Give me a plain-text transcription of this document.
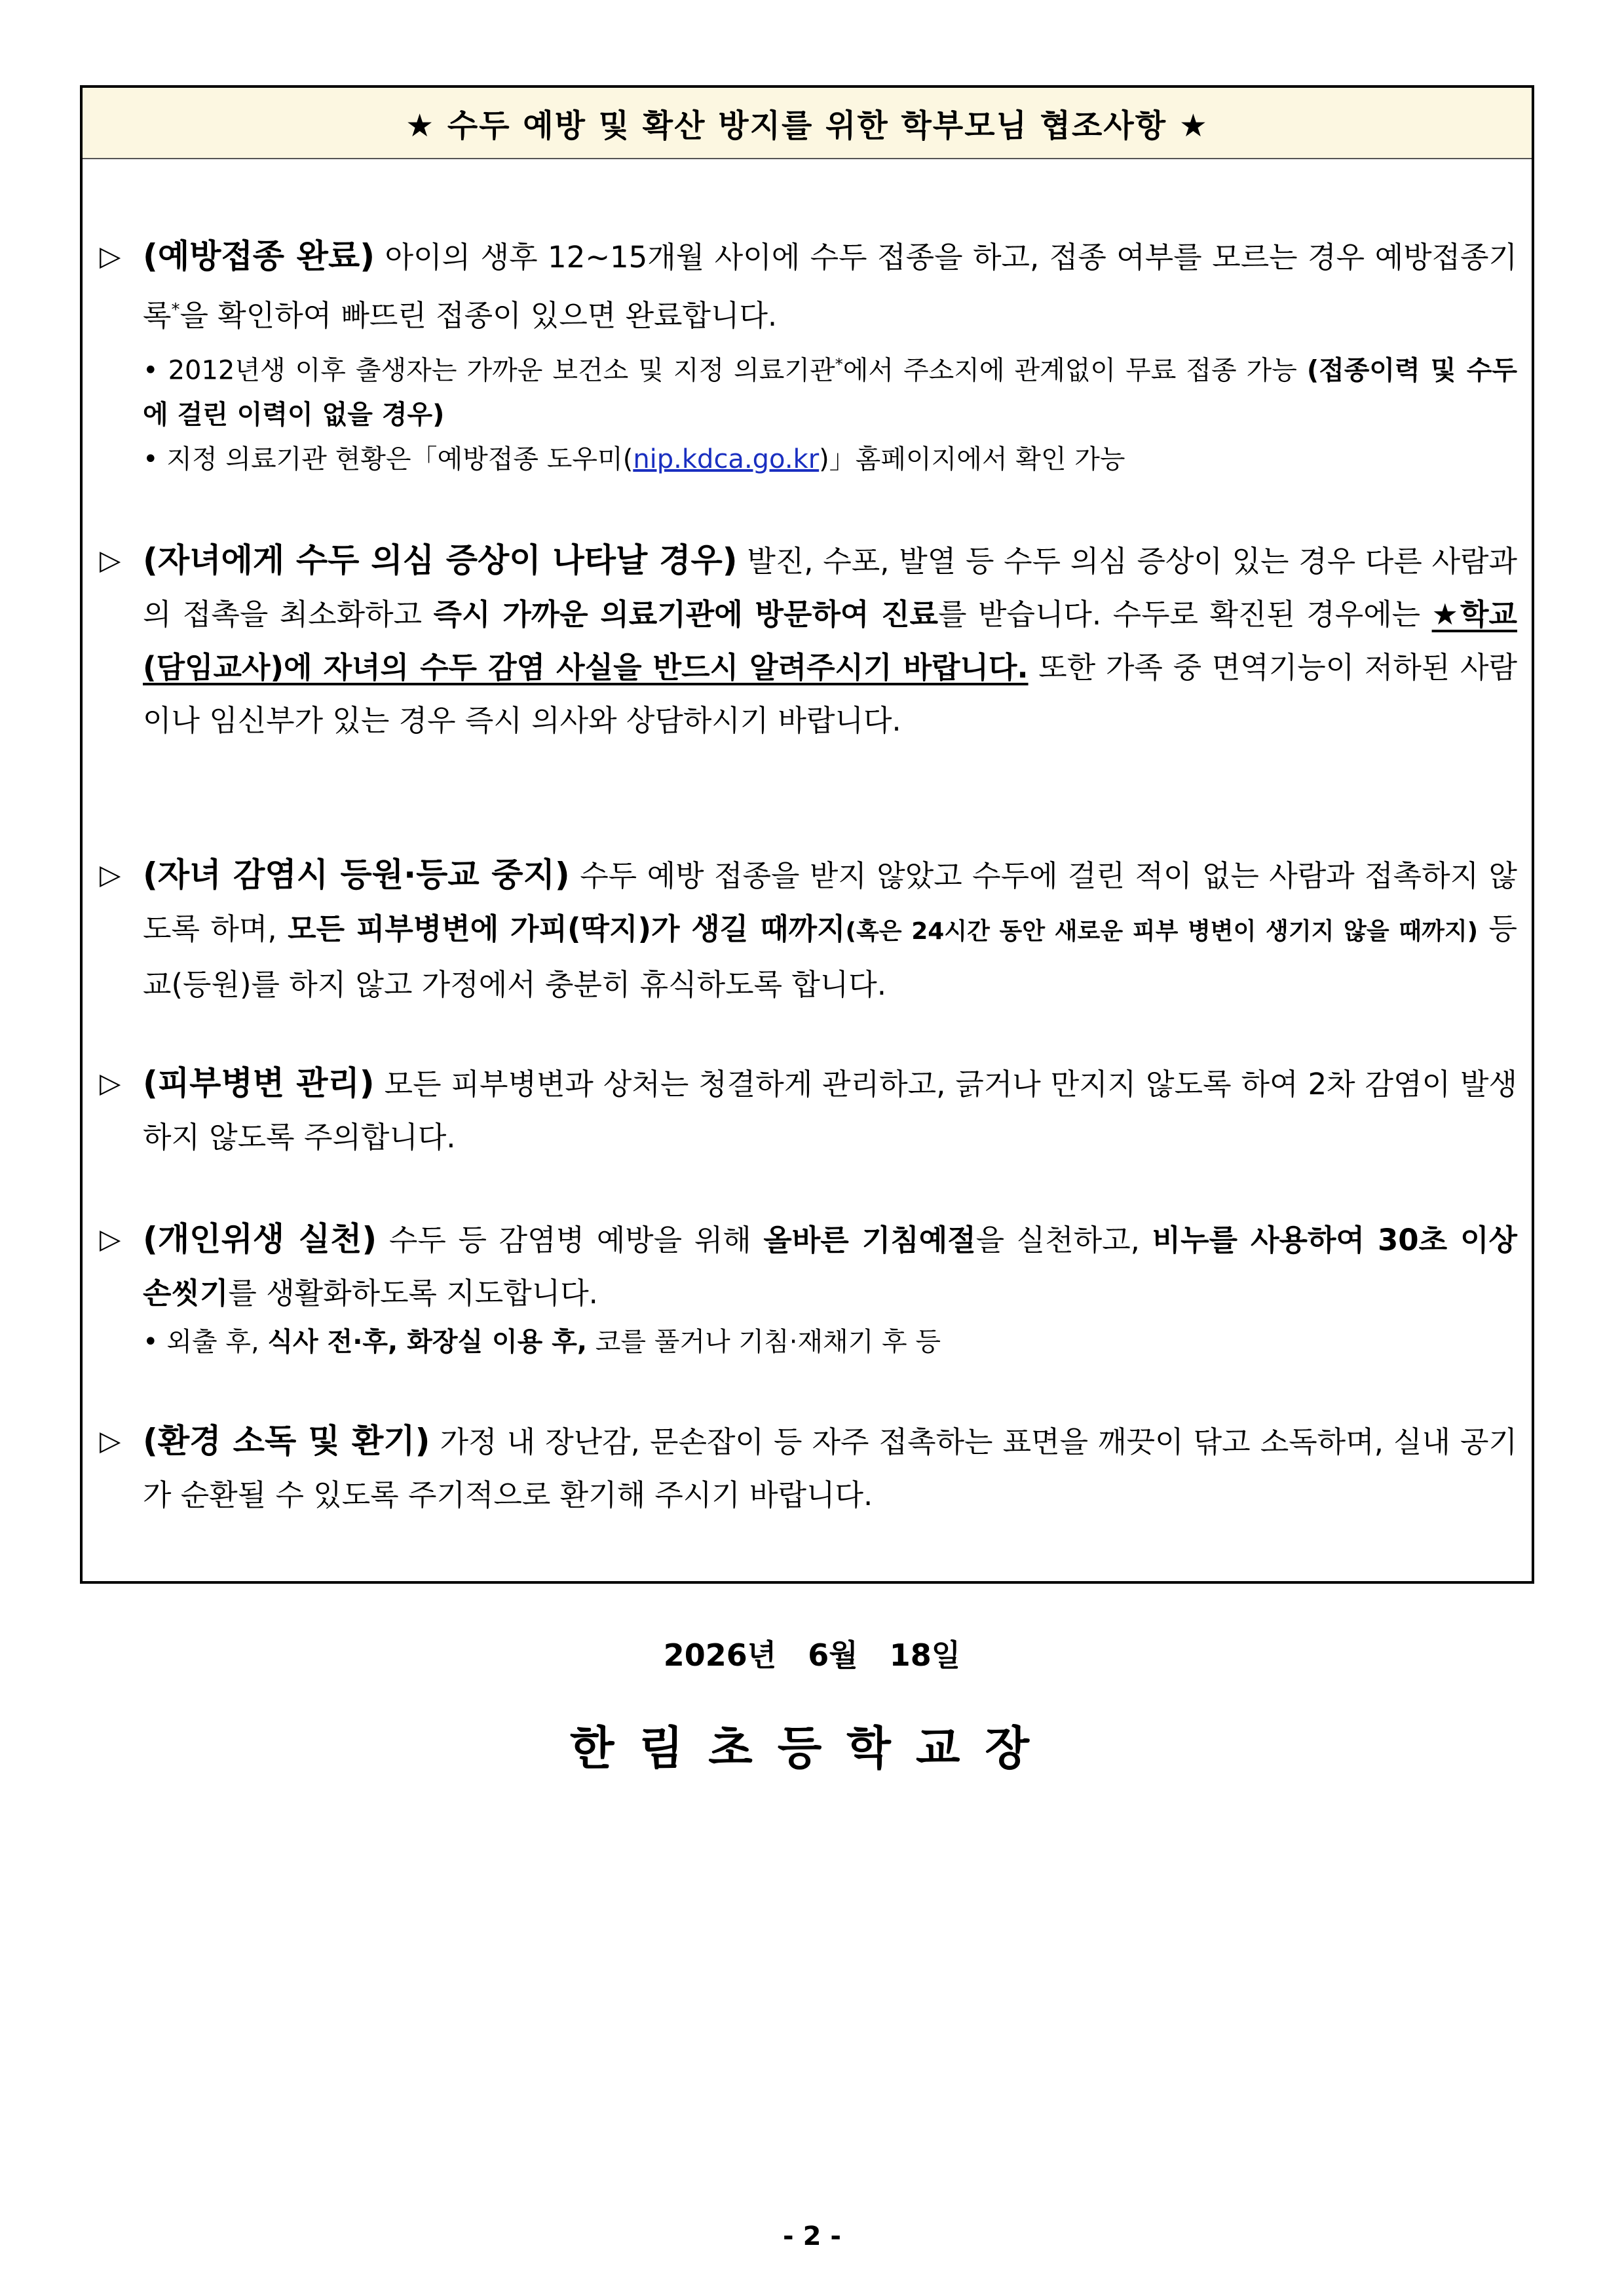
★ 수두 예방 및 확산 방지를 위한 학부모님 협조사항 ★
▷ (예방접종 완료) 아이의 생후 12~15개월 사이에 수두 접종을 하고, 접종 여부를 모르는 경우 예방접종기록*을 확인하여 빠뜨린 접종이 있으면 완료합니다.
• 2012년생 이후 출생자는 가까운 보건소 및 지정 의료기관*에서 주소지에 관계없이 무료 접종 가능 (접종이력 및 수두에 걸린 이력이 없을 경우)
• 지정 의료기관 현황은「예방접종 도우미(nip.kdca.go.kr)」홈페이지에서 확인 가능
▷ (자녀에게 수두 의심 증상이 나타날 경우) 발진, 수포, 발열 등 수두 의심 증상이 있는 경우 다른 사람과의 접촉을 최소화하고 즉시 가까운 의료기관에 방문하여 진료를 받습니다. 수두로 확진된 경우에는 ★학교(담임교사)에 자녀의 수두 감염 사실을 반드시 알려주시기 바랍니다. 또한 가족 중 면역기능이 저하된 사람이나 임신부가 있는 경우 즉시 의사와 상담하시기 바랍니다.
▷ (자녀 감염시 등원·등교 중지) 수두 예방 접종을 받지 않았고 수두에 걸린 적이 없는 사람과 접촉하지 않도록 하며, 모든 피부병변에 가피(딱지)가 생길 때까지(혹은 24시간 동안 새로운 피부 병변이 생기지 않을 때까지) 등교(등원)를 하지 않고 가정에서 충분히 휴식하도록 합니다.
▷ (피부병변 관리) 모든 피부병변과 상처는 청결하게 관리하고, 긁거나 만지지 않도록 하여 2차 감염이 발생하지 않도록 주의합니다.
▷ (개인위생 실천) 수두 등 감염병 예방을 위해 올바른 기침예절을 실천하고, 비누를 사용하여 30초 이상 손씻기를 생활화하도록 지도합니다.
• 외출 후, 식사 전·후, 화장실 이용 후, 코를 풀거나 기침·재채기 후 등
▷ (환경 소독 및 환기) 가정 내 장난감, 문손잡이 등 자주 접촉하는 표면을 깨끗이 닦고 소독하며, 실내 공기가 순환될 수 있도록 주기적으로 환기해 주시기 바랍니다.
2026년   6월   18일
한림초등학교장
- 2 -
